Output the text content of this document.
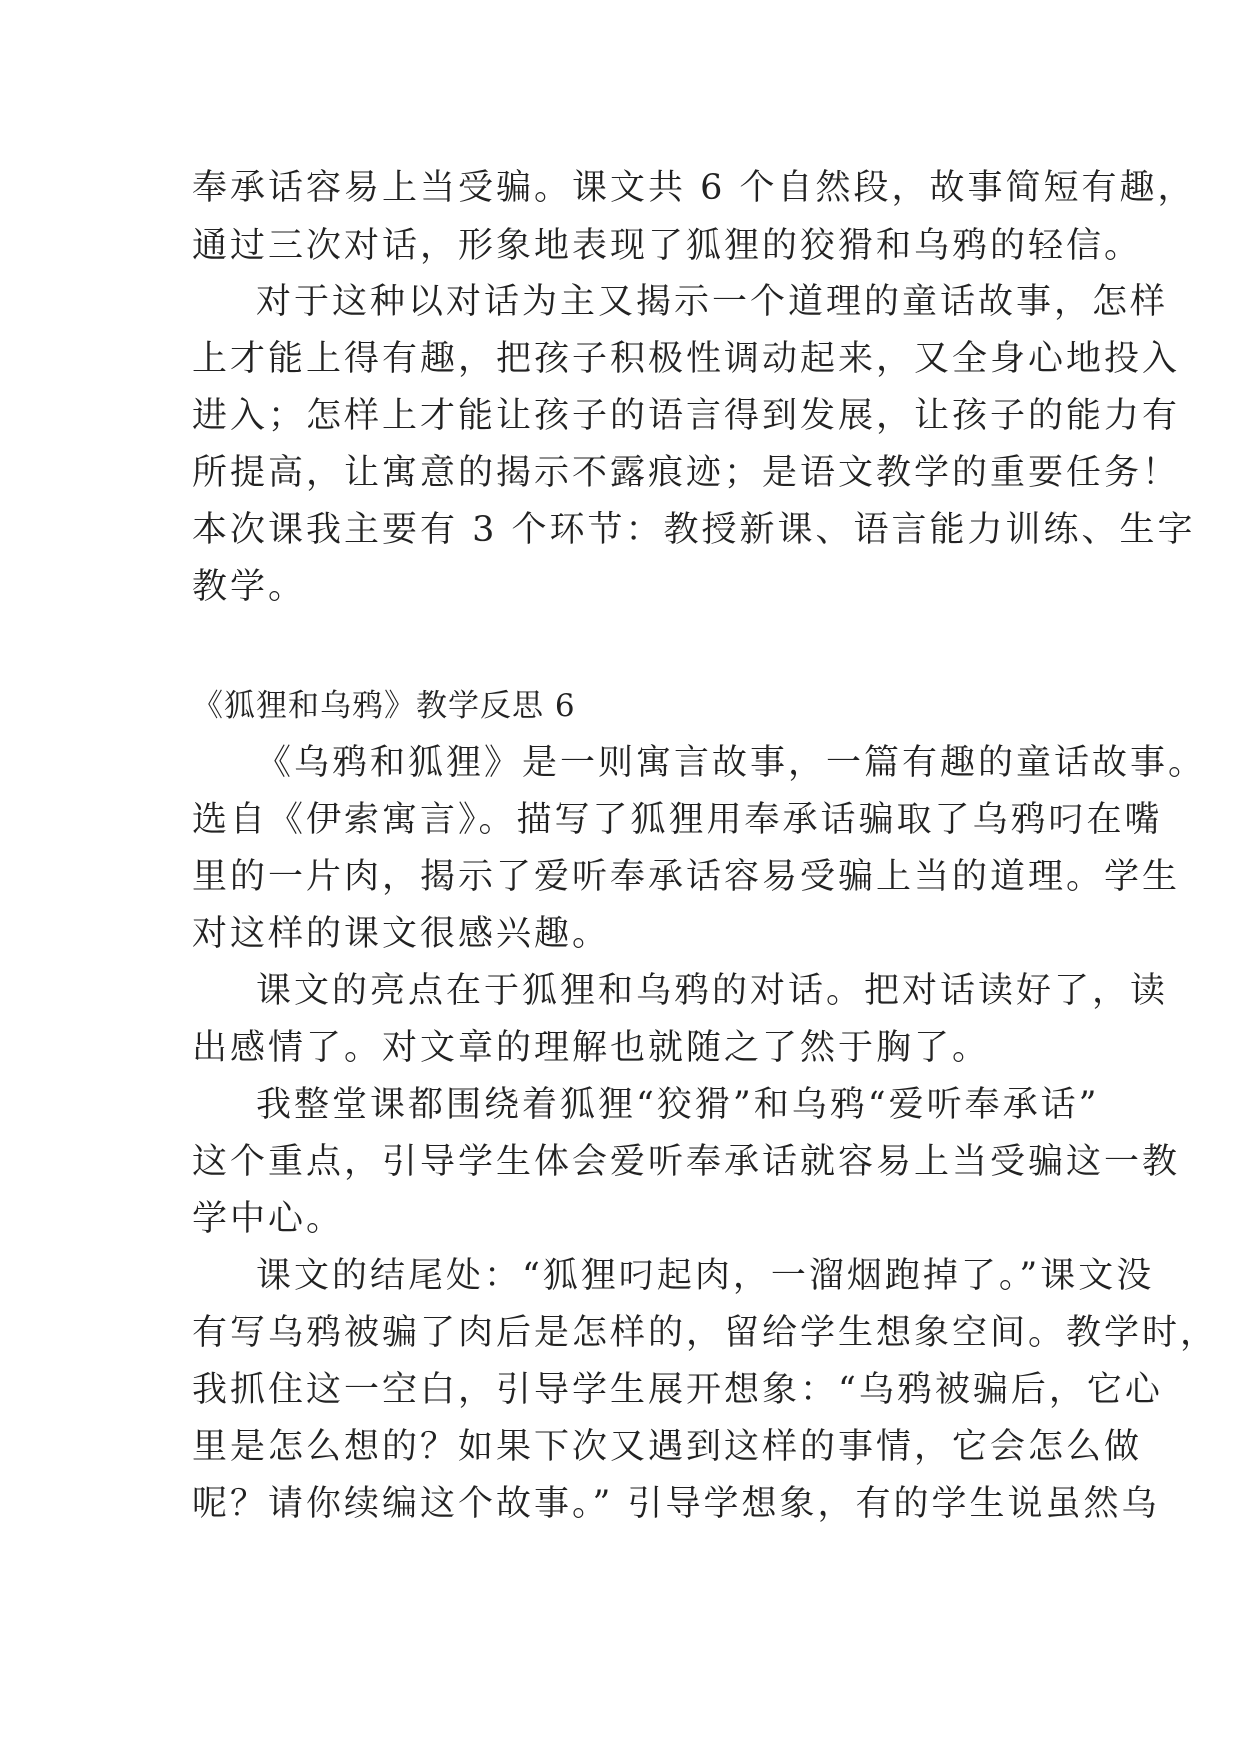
奉承话容易上当受骗。课文共 6 个自然段，故事简短有趣，
通过三次对话，形象地表现了狐狸的狡猾和乌鸦的轻信。
对于这种以对话为主又揭示一个道理的童话故事，怎样
上才能上得有趣，把孩子积极性调动起来，又全身心地投入
进入；怎样上才能让孩子的语言得到发展，让孩子的能力有
所提高，让寓意的揭示不露痕迹；是语文教学的重要任务！
本次课我主要有 3 个环节：教授新课、语言能力训练、生字
教学。
《狐狸和乌鸦》教学反思 6
《乌鸦和狐狸》是一则寓言故事，一篇有趣的童话故事。
选自《伊索寓言》。描写了狐狸用奉承话骗取了乌鸦叼在嘴
里的一片肉，揭示了爱听奉承话容易受骗上当的道理。学生
对这样的课文很感兴趣。
课文的亮点在于狐狸和乌鸦的对话。把对话读好了，读
出感情了。对文章的理解也就随之了然于胸了。
我整堂课都围绕着狐狸“狡猾”和乌鸦“爱听奉承话”
这个重点，引导学生体会爱听奉承话就容易上当受骗这一教
学中心。
课文的结尾处：“狐狸叼起肉，一溜烟跑掉了。”课文没
有写乌鸦被骗了肉后是怎样的，留给学生想象空间。教学时，
我抓住这一空白，引导学生展开想象：“乌鸦被骗后，它心
里是怎么想的？如果下次又遇到这样的事情，它会怎么做
呢？请你续编这个故事。” 引导学想象，有的学生说虽然乌
